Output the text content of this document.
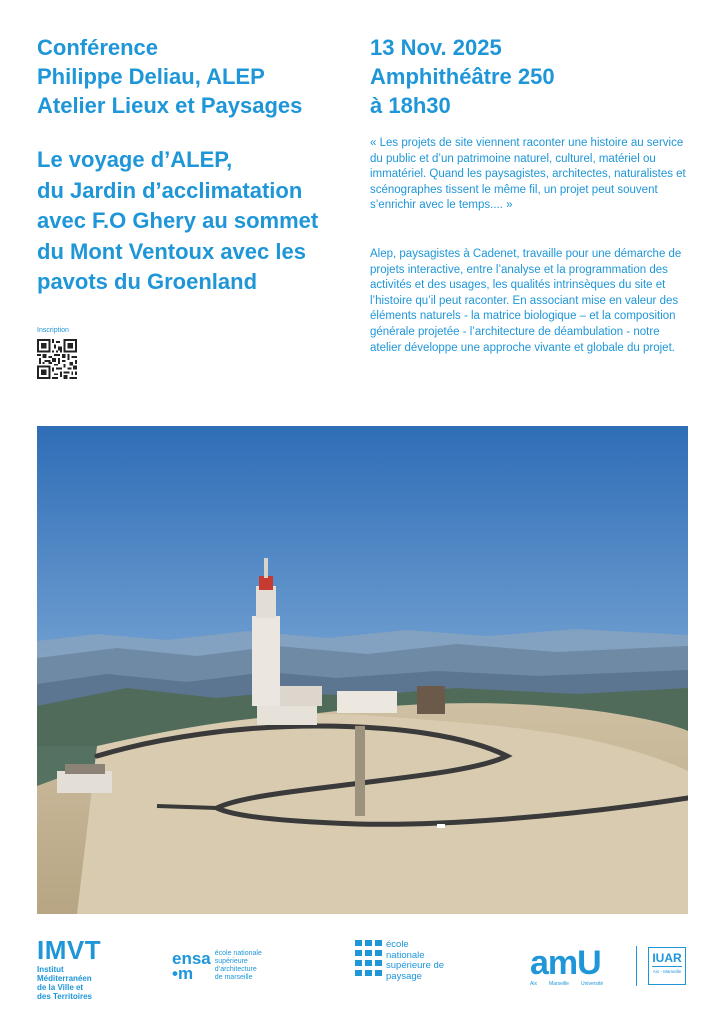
Conférence
Philippe Deliau, ALEP
Atelier Lieux et Paysages
13 Nov. 2025
Amphithéâtre 250
à 18h30
Le voyage d’ALEP,
du Jardin d’acclimatation
avec F.O Ghery au sommet
du Mont Ventoux avec les
pavots du Groenland
« Les projets de site viennent raconter une histoire au service du public et d’un patrimoine naturel, culturel, matériel ou immatériel. Quand les paysagistes, architectes, naturalistes et scénographes tissent le même fil, un projet peut souvent s’enrichir avec le temps.... »
Alep, paysagistes à Cadenet, travaille pour une démarche de projets interactive, entre l’analyse et la programmation des activités et des usages, les qualités intrinsèques du site et l’histoire qu’il peut raconter. En associant mise en valeur des éléments naturels - la matrice biologique – et la composition générale projetée - l’architecture de déambulation - notre atelier développe une approche vivante et globale du projet.
Inscription
IMVT
Institut
Méditerranéen
de la Ville et
des Territoires
ensa
•m
école nationale
supérieure
d’architecture
de marseille
école
nationale
supérieure de
paysage	amU
Aix Marseille Université
IUAR
Aix - Marseille
